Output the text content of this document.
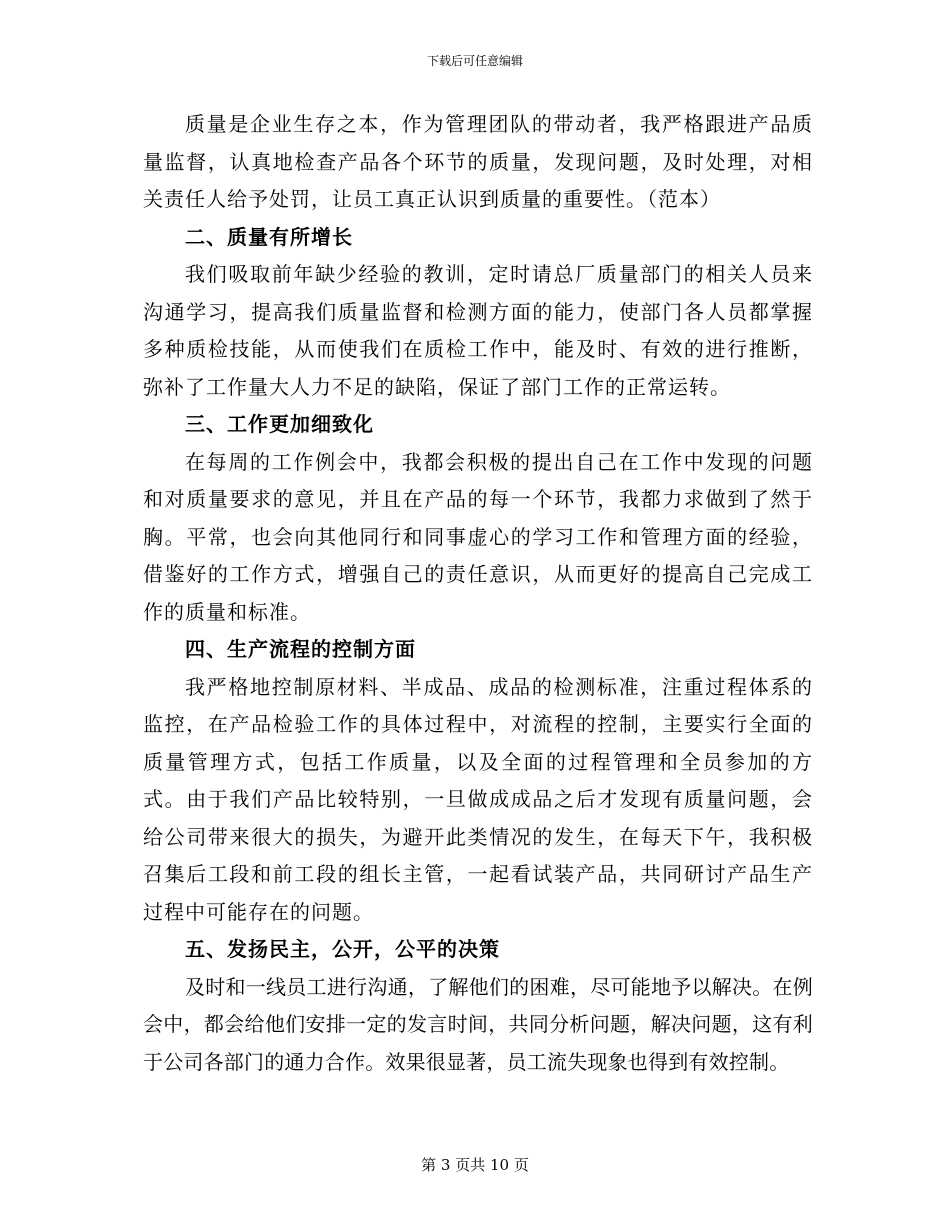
下载后可任意编辑

质量是企业生存之本，作为管理团队的带动者，我严格跟进产品质量监督，认真地检查产品各个环节的质量，发现问题，及时处理，对相关责任人给予处罚，让员工真正认识到质量的重要性。（范本）

二、质量有所增长

我们吸取前年缺少经验的教训，定时请总厂质量部门的相关人员来沟通学习，提高我们质量监督和检测方面的能力，使部门各人员都掌握多种质检技能，从而使我们在质检工作中，能及时、有效的进行推断，弥补了工作量大人力不足的缺陷，保证了部门工作的正常运转。

三、工作更加细致化

在每周的工作例会中，我都会积极的提出自己在工作中发现的问题和对质量要求的意见，并且在产品的每一个环节，我都力求做到了然于胸。平常，也会向其他同行和同事虚心的学习工作和管理方面的经验，借鉴好的工作方式，增强自己的责任意识，从而更好的提高自己完成工作的质量和标准。

四、生产流程的控制方面

我严格地控制原材料、半成品、成品的检测标准，注重过程体系的监控，在产品检验工作的具体过程中，对流程的控制，主要实行全面的质量管理方式，包括工作质量，以及全面的过程管理和全员参加的方式。由于我们产品比较特别，一旦做成成品之后才发现有质量问题，会给公司带来很大的损失，为避开此类情况的发生，在每天下午，我积极召集后工段和前工段的组长主管，一起看试装产品，共同研讨产品生产过程中可能存在的问题。

五、发扬民主，公开，公平的决策

及时和一线员工进行沟通，了解他们的困难，尽可能地予以解决。在例会中，都会给他们安排一定的发言时间，共同分析问题，解决问题，这有利于公司各部门的通力合作。效果很显著，员工流失现象也得到有效控制。

第 3 页共 10 页
